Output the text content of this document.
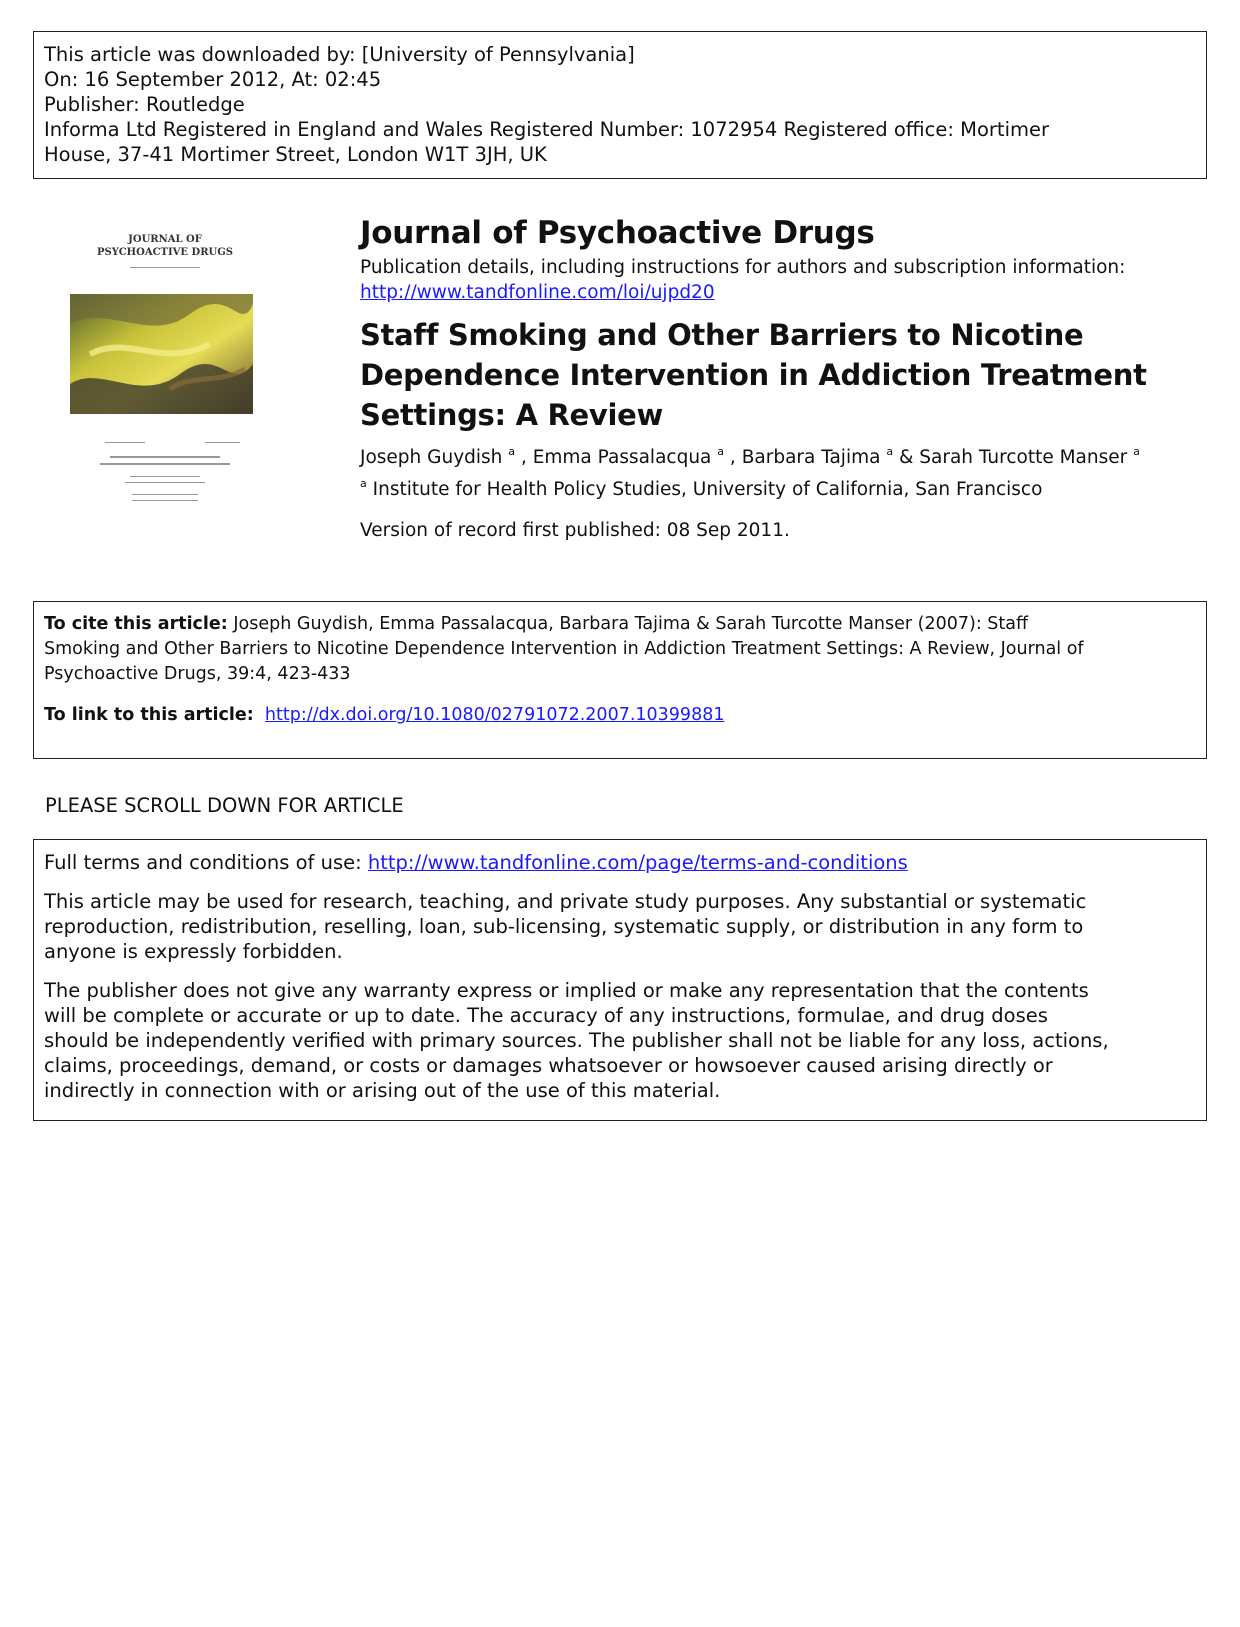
This article was downloaded by: [University of Pennsylvania]
On: 16 September 2012, At: 02:45
Publisher: Routledge
Informa Ltd Registered in England and Wales Registered Number: 1072954 Registered office: Mortimer
House, 37-41 Mortimer Street, London W1T 3JH, UK
JOURNAL OF
PSYCHOACTIVE DRUGS
Journal of Psychoactive Drugs
Publication details, including instructions for authors and subscription information:
http://www.tandfonline.com/loi/ujpd20
Staff Smoking and Other Barriers to Nicotine
Dependence Intervention in Addiction Treatment
Settings: A Review
Joseph Guydish $^a$ , Emma Passalacqua $^a$ , Barbara Tajima $^a$ & Sarah Turcotte Manser $^a$
$^a$ Institute for Health Policy Studies, University of California, San Francisco
Version of record first published: 08 Sep 2011.

To cite this article: Joseph Guydish, Emma Passalacqua, Barbara Tajima & Sarah Turcotte Manser (2007): Staff
Smoking and Other Barriers to Nicotine Dependence Intervention in Addiction Treatment Settings: A Review, Journal of
Psychoactive Drugs, 39:4, 423-433

To link to this article: http://dx.doi.org/10.1080/02791072.2007.10399881

PLEASE SCROLL DOWN FOR ARTICLE

Full terms and conditions of use: http://www.tandfonline.com/page/terms-and-conditions

This article may be used for research, teaching, and private study purposes. Any substantial or systematic
reproduction, redistribution, reselling, loan, sub-licensing, systematic supply, or distribution in any form to
anyone is expressly forbidden.

The publisher does not give any warranty express or implied or make any representation that the contents
will be complete or accurate or up to date. The accuracy of any instructions, formulae, and drug doses
should be independently verified with primary sources. The publisher shall not be liable for any loss, actions,
claims, proceedings, demand, or costs or damages whatsoever or howsoever caused arising directly or
indirectly in connection with or arising out of the use of this material.
